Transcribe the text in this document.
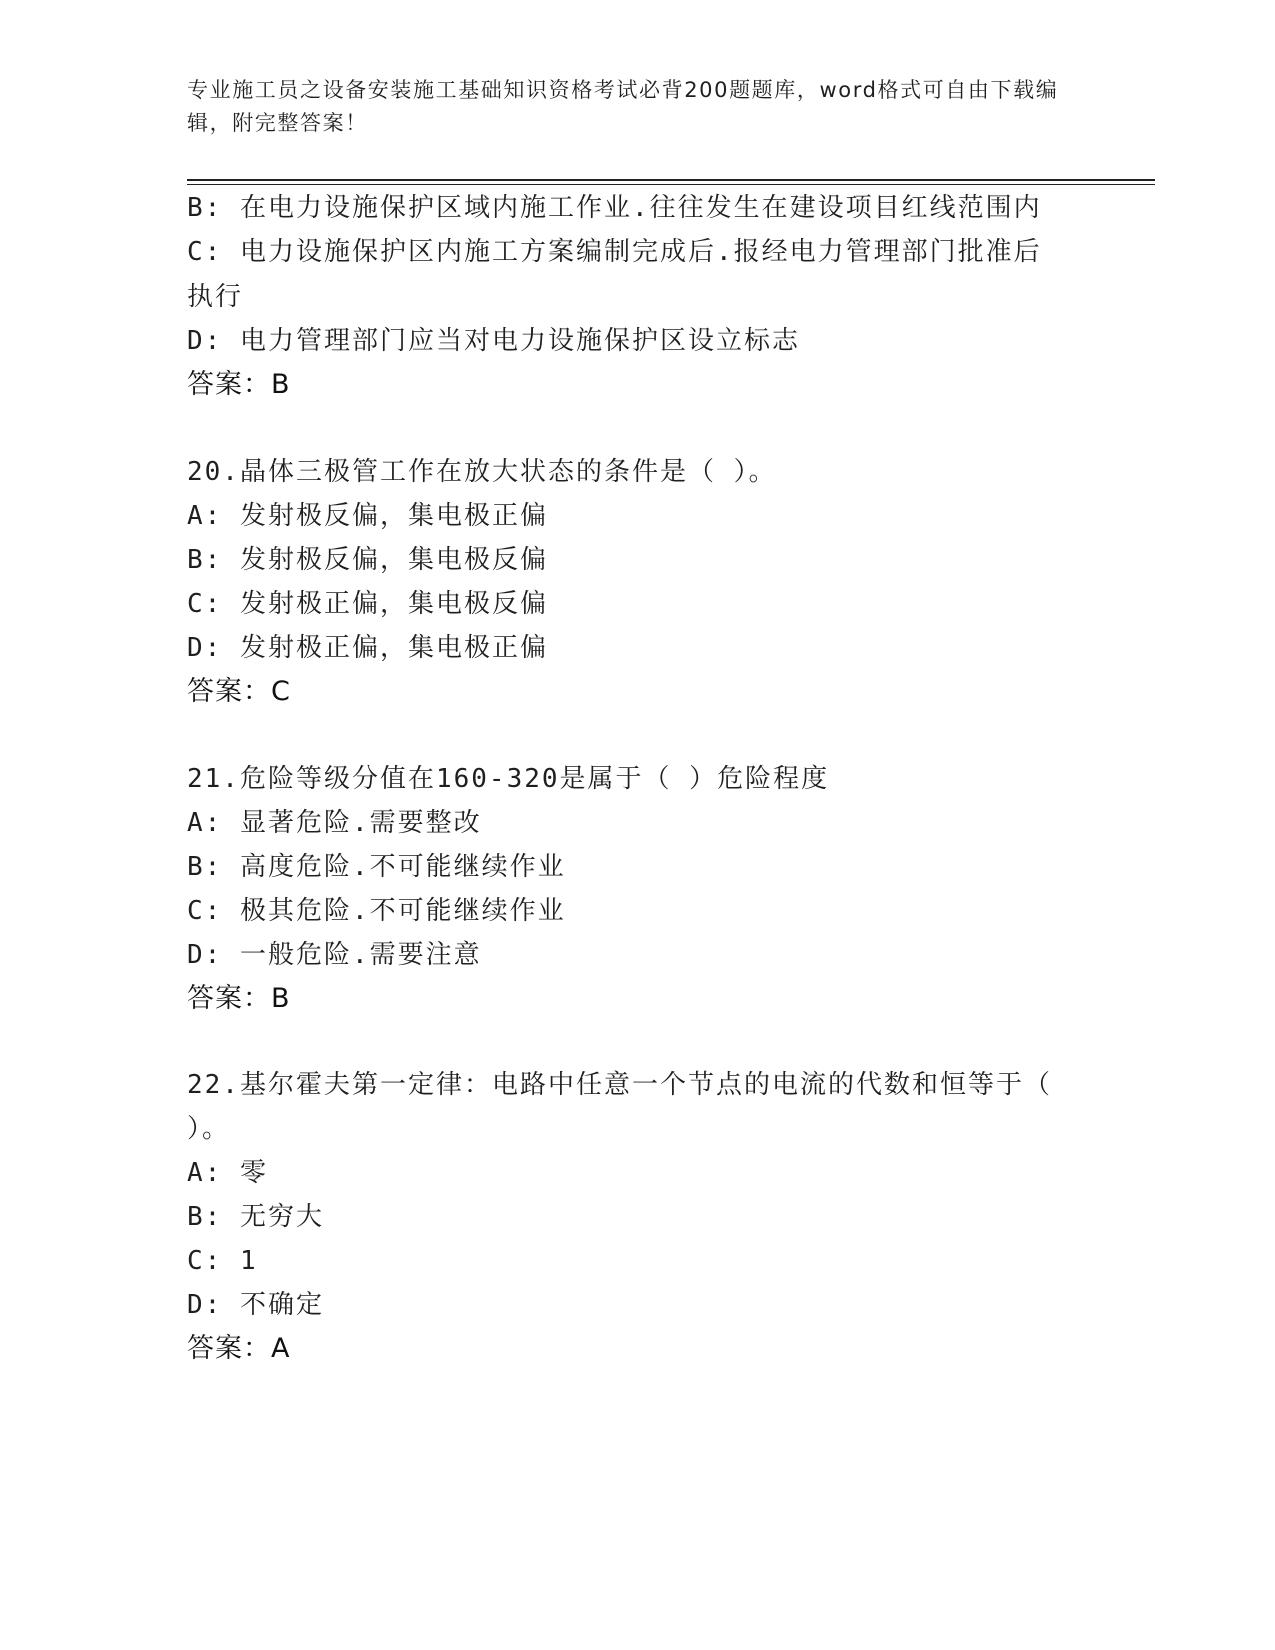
专业施工员之设备安装施工基础知识资格考试必背200题题库，word格式可自由下载编辑，附完整答案！
B: 在电力设施保护区域内施工作业.往往发生在建设项目红线范围内
C: 电力设施保护区内施工方案编制完成后.报经电力管理部门批准后
执行
D: 电力管理部门应当对电力设施保护区设立标志
答案：B
20.晶体三极管工作在放大状态的条件是（ ）。
A: 发射极反偏，集电极正偏
B: 发射极反偏，集电极反偏
C: 发射极正偏，集电极反偏
D: 发射极正偏，集电极正偏
答案：C
21.危险等级分值在160-320是属于（ ）危险程度
A: 显著危险.需要整改
B: 高度危险.不可能继续作业
C: 极其危险.不可能继续作业
D: 一般危险.需要注意
答案：B
22.基尔霍夫第一定律：电路中任意一个节点的电流的代数和恒等于（
）。
A: 零
B: 无穷大
C: 1
D: 不确定
答案：A
